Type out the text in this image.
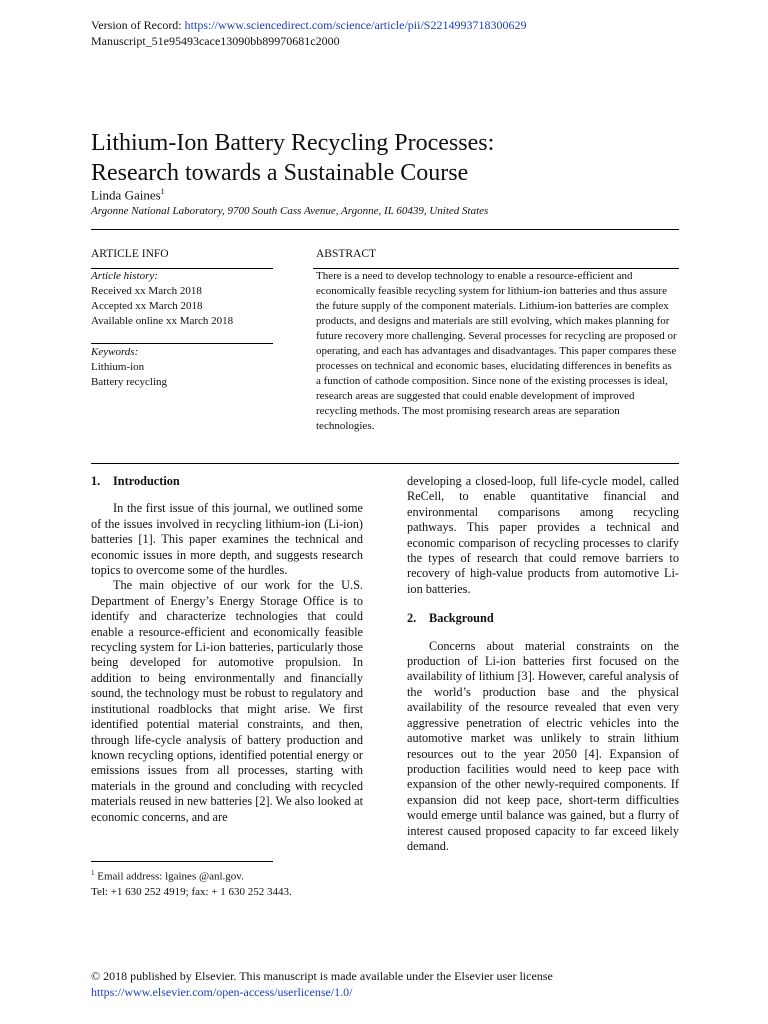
Version of Record: https://www.sciencedirect.com/science/article/pii/S2214993718300629
Manuscript_51e95493cace13090bb89970681c2000
Lithium-Ion Battery Recycling Processes:
Research towards a Sustainable Course
Linda Gaines$^1$
Argonne National Laboratory, 9700 South Cass Avenue, Argonne, IL 60439, United States
ARTICLE INFO
Article history:
Received xx March 2018
Accepted xx March 2018
Available online xx March 2018
Keywords:
Lithium-ion
Battery recycling
ABSTRACT
There is a need to develop technology to enable a resource-efficient and economically feasible recycling system for lithium-ion batteries and thus assure the future supply of the component materials. Lithium-ion batteries are complex products, and designs and materials are still evolving, which makes planning for future recovery more challenging. Several processes for recycling are proposed or operating, and each has advantages and disadvantages. This paper compares these processes on technical and economic bases, elucidating differences in benefits as a function of cathode composition. Since none of the existing processes is ideal, research areas are suggested that could enable development of improved recycling methods. The most promising research areas are separation technologies.
1. Introduction

In the first issue of this journal, we outlined some of the issues involved in recycling lithium-ion (Li-ion) batteries [1]. This paper examines the technical and economic issues in more depth, and suggests research topics to overcome some of the hurdles.

The main objective of our work for the U.S. Department of Energy’s Energy Storage Office is to identify and characterize technologies that could enable a resource-efficient and economically feasible recycling system for Li-ion batteries, particularly those being developed for automotive propulsion. In addition to being environmentally and financially sound, the technology must be robust to regulatory and institutional roadblocks that might arise. We first identified potential material constraints, and then, through life-cycle analysis of battery production and known recycling options, identified potential energy or emissions issues from all processes, starting with materials in the ground and concluding with recycled materials reused in new batteries [2]. We also looked at economic concerns, and are

developing a closed-loop, full life-cycle model, called ReCell, to enable quantitative financial and environmental comparisons among recycling pathways. This paper provides a technical and economic comparison of recycling processes to clarify the types of research that could remove barriers to recovery of high-value products from automotive Li-ion batteries.
2. Background

Concerns about material constraints on the production of Li-ion batteries first focused on the availability of lithium [3]. However, careful analysis of the world’s production base and the physical availability of the resource revealed that even very aggressive penetration of electric vehicles into the automotive market was unlikely to strain lithium resources out to the year 2050 [4]. Expansion of production facilities would need to keep pace with expansion of the other newly-required components. If expansion did not keep pace, short-term difficulties would emerge until balance was gained, but a flurry of interest caused proposed capacity to far exceed likely demand.

$^1$ Email address: lgaines @anl.gov.
Tel: +1 630 252 4919; fax: + 1 630 252 3443.
© 2018 published by Elsevier. This manuscript is made available under the Elsevier user license
https://www.elsevier.com/open-access/userlicense/1.0/
